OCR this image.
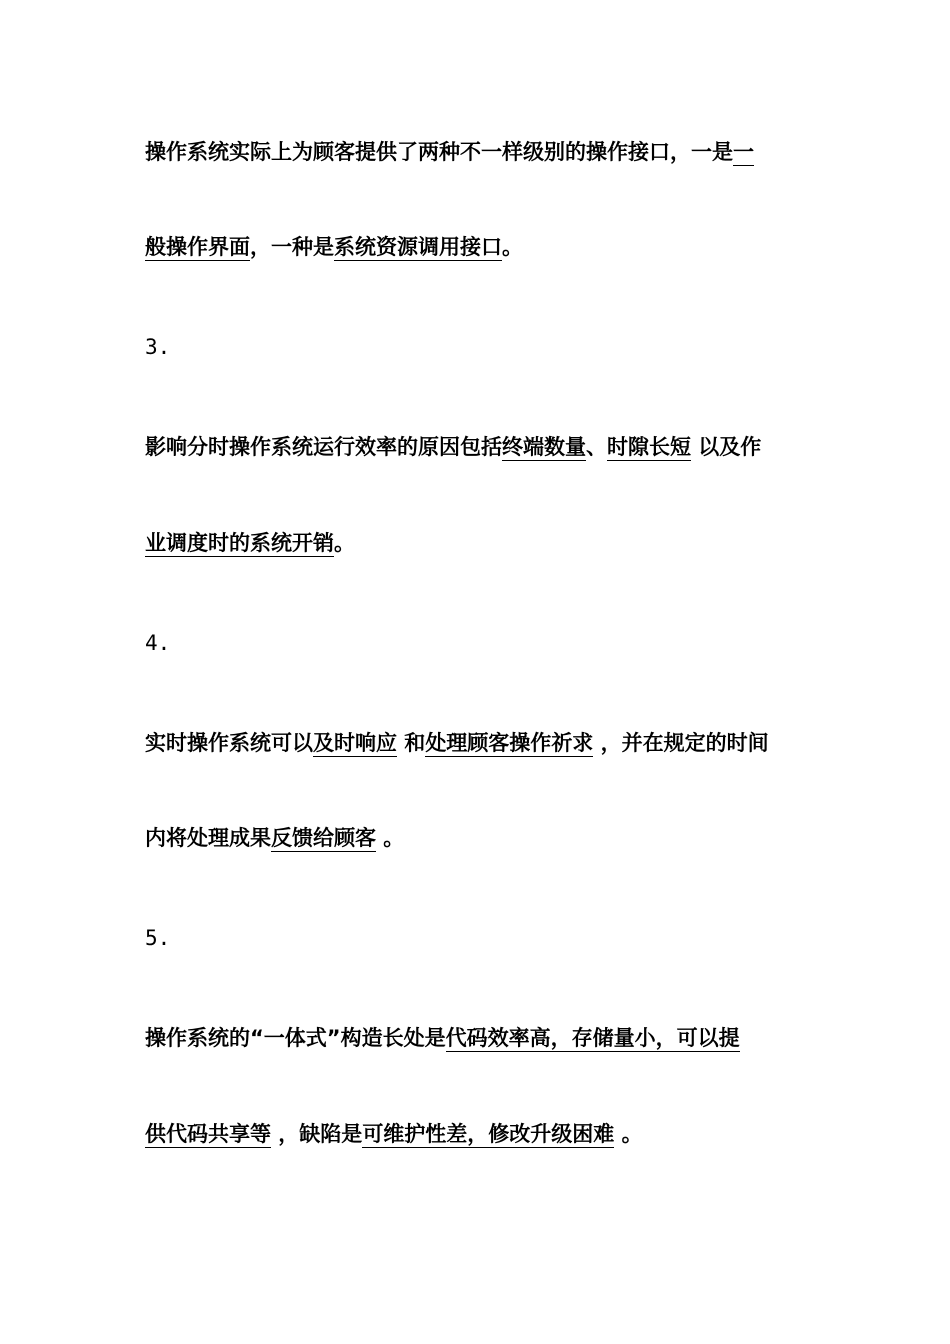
操作系统实际上为顾客提供了两种不一样级别的操作接口，一是一
般操作界面，一种是系统资源调用接口。
3.
影响分时操作系统运行效率的原因包括终端数量、时隙长短 以及作
业调度时的系统开销。
4.
实时操作系统可以及时响应 和处理顾客操作祈求 ，并在规定的时间
内将处理成果反馈给顾客 。
5.
操作系统的“一体式”构造长处是代码效率高，存储量小，可以提
供代码共享等 ，缺陷是可维护性差，修改升级困难 。
